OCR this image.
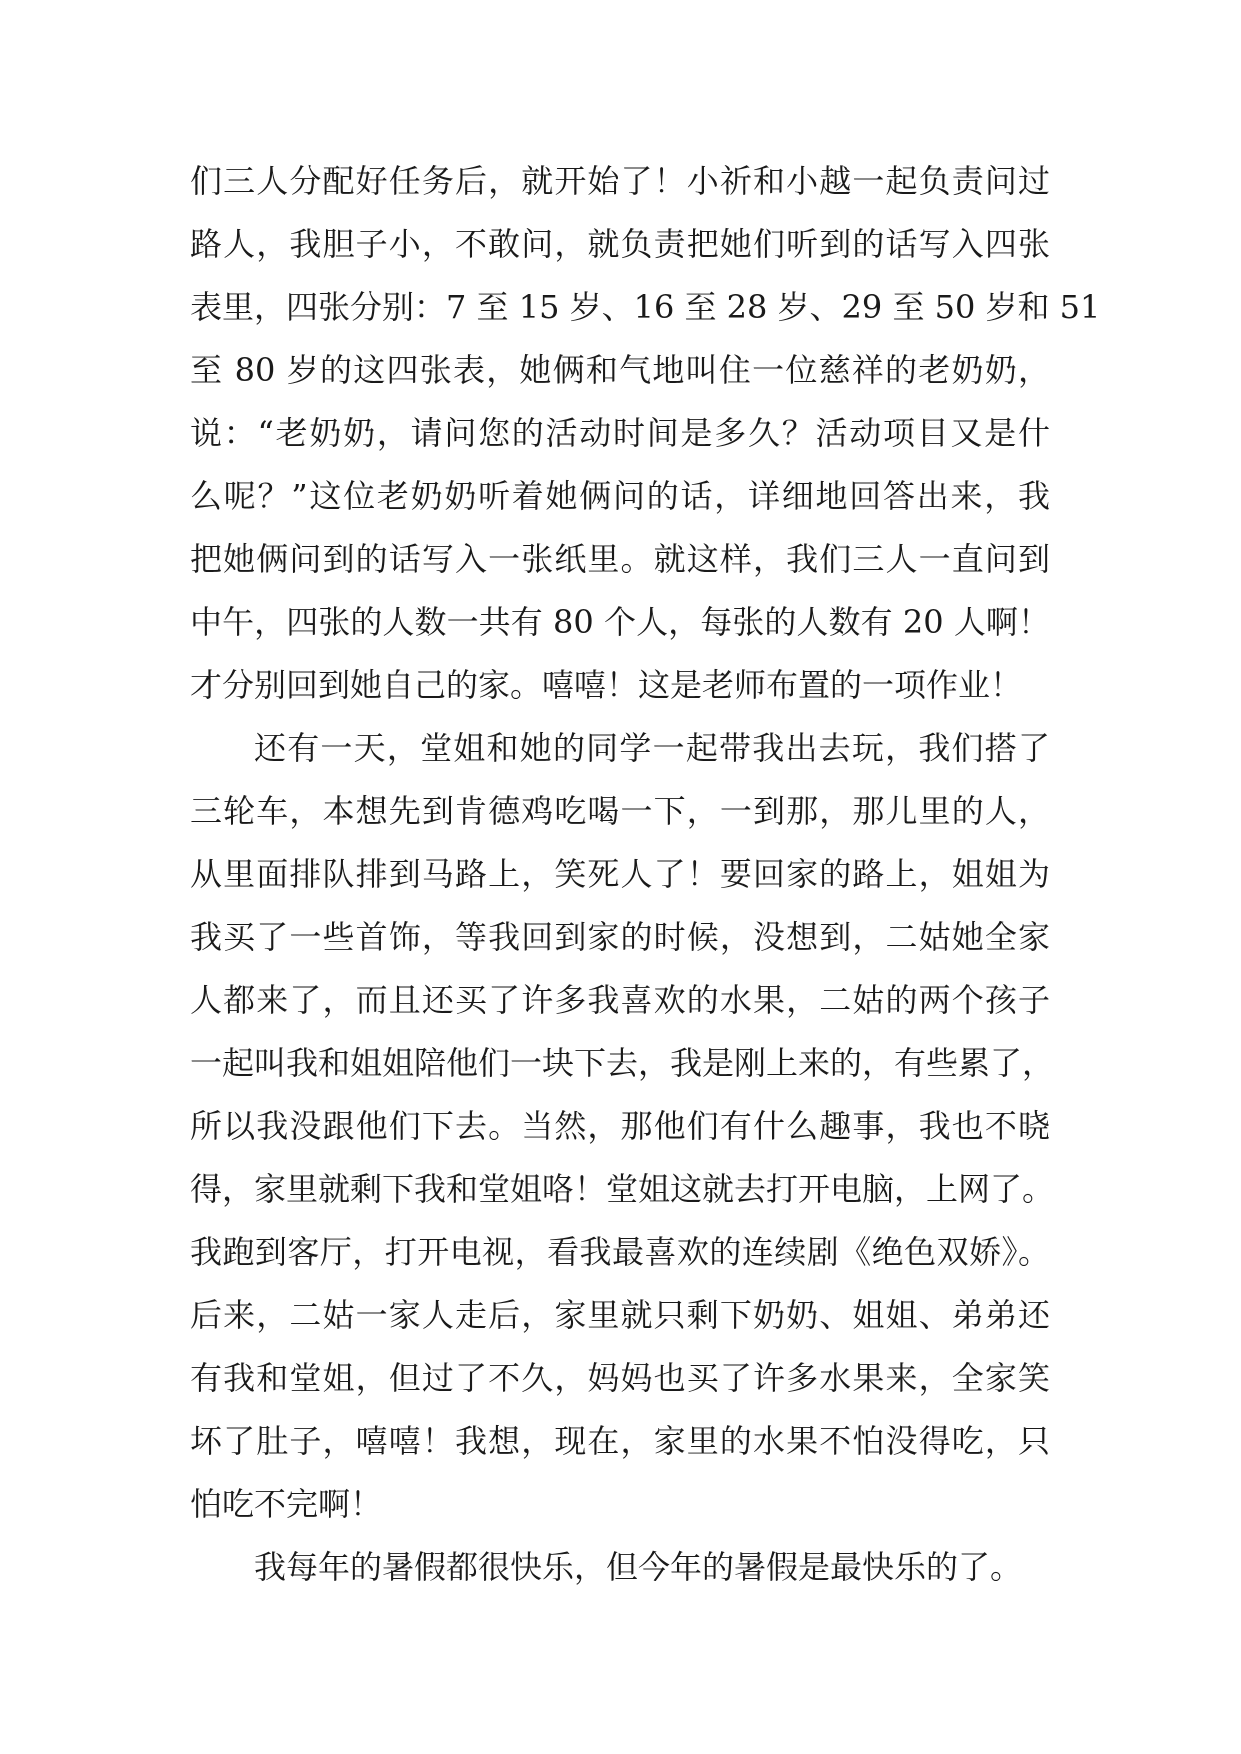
们三人分配好任务后，就开始了！小祈和小越一起负责问过
路人，我胆子小，不敢问，就负责把她们听到的话写入四张
表里，四张分别：7 至 15 岁、16 至 28 岁、29 至 50 岁和 51
至 80 岁的这四张表，她俩和气地叫住一位慈祥的老奶奶，
说：“老奶奶，请问您的活动时间是多久？活动项目又是什
么呢？”这位老奶奶听着她俩问的话，详细地回答出来，我
把她俩问到的话写入一张纸里。就这样，我们三人一直问到
中午，四张的人数一共有 80 个人，每张的人数有 20 人啊！
才分别回到她自己的家。嘻嘻！这是老师布置的一项作业！
还有一天，堂姐和她的同学一起带我出去玩，我们搭了
三轮车，本想先到肯德鸡吃喝一下，一到那，那儿里的人，
从里面排队排到马路上，笑死人了！要回家的路上，姐姐为
我买了一些首饰，等我回到家的时候，没想到，二姑她全家
人都来了，而且还买了许多我喜欢的水果，二姑的两个孩子
一起叫我和姐姐陪他们一块下去，我是刚上来的，有些累了，
所以我没跟他们下去。当然，那他们有什么趣事，我也不晓
得，家里就剩下我和堂姐咯！堂姐这就去打开电脑，上网了。
我跑到客厅，打开电视，看我最喜欢的连续剧《绝色双娇》。
后来，二姑一家人走后，家里就只剩下奶奶、姐姐、弟弟还
有我和堂姐，但过了不久，妈妈也买了许多水果来，全家笑
坏了肚子，嘻嘻！我想，现在，家里的水果不怕没得吃，只
怕吃不完啊！
我每年的暑假都很快乐，但今年的暑假是最快乐的了。
